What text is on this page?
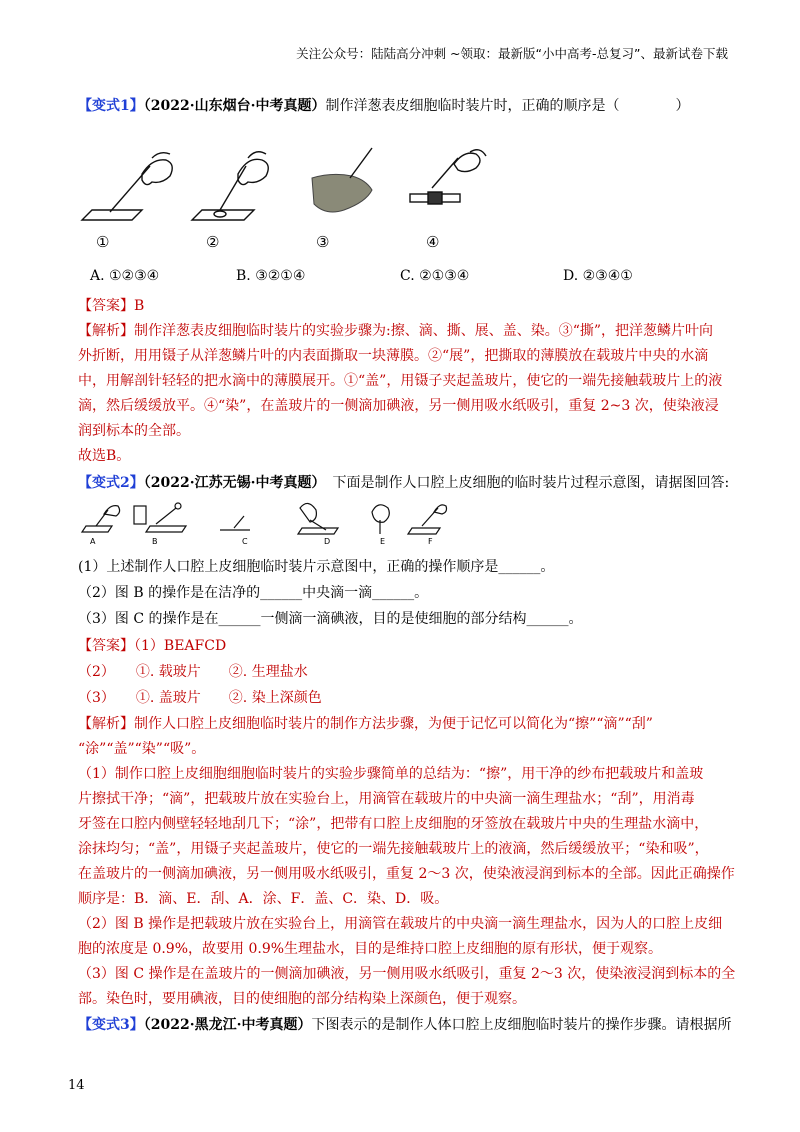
关注公众号：陆陆高分冲刺 ~领取：最新版“小中高考-总复习”、最新试卷下载
【变式1】（2022·山东烟台·中考真题）制作洋葱表皮细胞临时装片时，正确的顺序是（　　　　）
①	②	③	④
A. ①②③④	B. ③②①④	C. ②①③④	D. ②③④①
【答案】B
【解析】制作洋葱表皮细胞临时装片的实验步骤为:擦、滴、撕、展、盖、染。③“撕”，把洋葱鳞片叶向
外折断，用用镊子从洋葱鳞片叶的内表面撕取一块薄膜。②“展”，把撕取的薄膜放在载玻片中央的水滴
中，用解剖针轻轻的把水滴中的薄膜展开。①“盖”，用镊子夹起盖玻片，使它的一端先接触载玻片上的液
滴，然后缓缓放平。④“染”，在盖玻片的一侧滴加碘液，另一侧用吸水纸吸引，重复 2~3 次，使染液浸
润到标本的全部。
故选B。
【变式2】（2022·江苏无锡·中考真题）　 下面是制作人口腔上皮细胞的临时装片过程示意图，请据图回答:
A	B	C	D	E	F
(1）上述制作人口腔上皮细胞临时装片示意图中，正确的操作顺序是______。
（2）图 B 的操作是在洁净的______中央滴一滴______。
（3）图 C 的操作是在______一侧滴一滴碘液，目的是使细胞的部分结构______。
【答案】（1）BEAFCD
（2）　　①. 载玻片　　②. 生理盐水
（3）　　①. 盖玻片　　②. 染上深颜色
【解析】制作人口腔上皮细胞临时装片的制作方法步骤，为便于记忆可以简化为“擦”“滴”“刮”
“涂”“盖”“染”“吸”。
（1）制作口腔上皮细胞细胞临时装片的实验步骤简单的总结为：“擦”，用干净的纱布把载玻片和盖玻
片擦拭干净；“滴”，把载玻片放在实验台上，用滴管在载玻片的中央滴一滴生理盐水；“刮”，用消毒
牙签在口腔内侧壁轻轻地刮几下；“涂”，把带有口腔上皮细胞的牙签放在载玻片中央的生理盐水滴中，
涂抹均匀；“盖”，用镊子夹起盖玻片，使它的一端先接触载玻片上的液滴，然后缓缓放平；“染和吸”，
在盖玻片的一侧滴加碘液，另一侧用吸水纸吸引，重复 2～3 次，使染液浸润到标本的全部。因此正确操作
顺序是：B．滴、E．刮、A．涂、F．盖、C．染、D．吸。
（2）图 B 操作是把载玻片放在实验台上，用滴管在载玻片的中央滴一滴生理盐水，因为人的口腔上皮细
胞的浓度是 0.9%，故要用 0.9%生理盐水，目的是维持口腔上皮细胞的原有形状，便于观察。
（3）图 C 操作是在盖玻片的一侧滴加碘液，另一侧用吸水纸吸引，重复 2～3 次，使染液浸润到标本的全
部。染色时，要用碘液，目的使细胞的部分结构染上深颜色，便于观察。
【变式3】（2022·黑龙江·中考真题）下图表示的是制作人体口腔上皮细胞临时装片的操作步骤。请根据所
14
